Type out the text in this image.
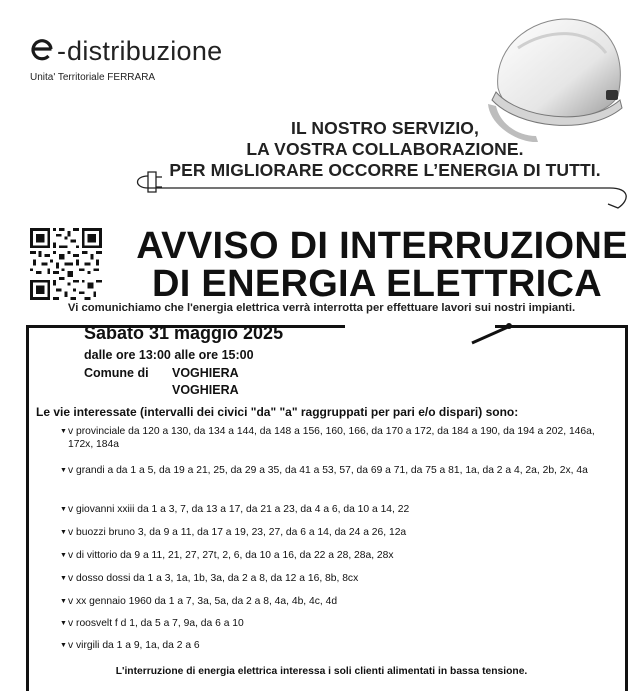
- distribuzione
Unita' Territoriale FERRARA
IL NOSTRO SERVIZIO,
LA VOSTRA COLLABORAZIONE.
PER MIGLIORARE OCCORRE L’ENERGIA DI TUTTI.
AVVISO DI INTERRUZIONE
DI ENERGIA ELETTRICA
Vi comunichiamo che l'energia elettrica verrà interrotta per effettuare lavori sui nostri impianti.
Sabato 31 maggio 2025
dalle ore 13:00 alle ore 15:00
Comune di VOGHIERA
VOGHIERA
Le vie interessate (intervalli dei civici "da" "a" raggruppati per pari e/o dispari) sono:
▼ v provinciale da 120 a 130, da 134 a 144, da 148 a 156, 160, 166, da 170 a 172, da 184 a 190, da 194 a 202, 146a, 172x, 184a
▼ v grandi a da 1 a 5, da 19 a 21, 25, da 29 a 35, da 41 a 53, 57, da 69 a 71, da 75 a 81, 1a, da 2 a 4, 2a, 2b, 2x, 4a
▼ v giovanni xxiii da 1 a 3, 7, da 13 a 17, da 21 a 23, da 4 a 6, da 10 a 14, 22
▼ v buozzi bruno 3, da 9 a 11, da 17 a 19, 23, 27, da 6 a 14, da 24 a 26, 12a
▼ v di vittorio da 9 a 11, 21, 27, 27t, 2, 6, da 10 a 16, da 22 a 28, 28a, 28x
▼ v dosso dossi da 1 a 3, 1a, 1b, 3a, da 2 a 8, da 12 a 16, 8b, 8cx
▼ v xx gennaio 1960 da 1 a 7, 3a, 5a, da 2 a 8, 4a, 4b, 4c, 4d
▼ v roosvelt f d 1, da 5 a 7, 9a, da 6 a 10
▼ v virgili da 1 a 9, 1a, da 2 a 6
L'interruzione di energia elettrica interessa i soli clienti alimentati in bassa tensione.
